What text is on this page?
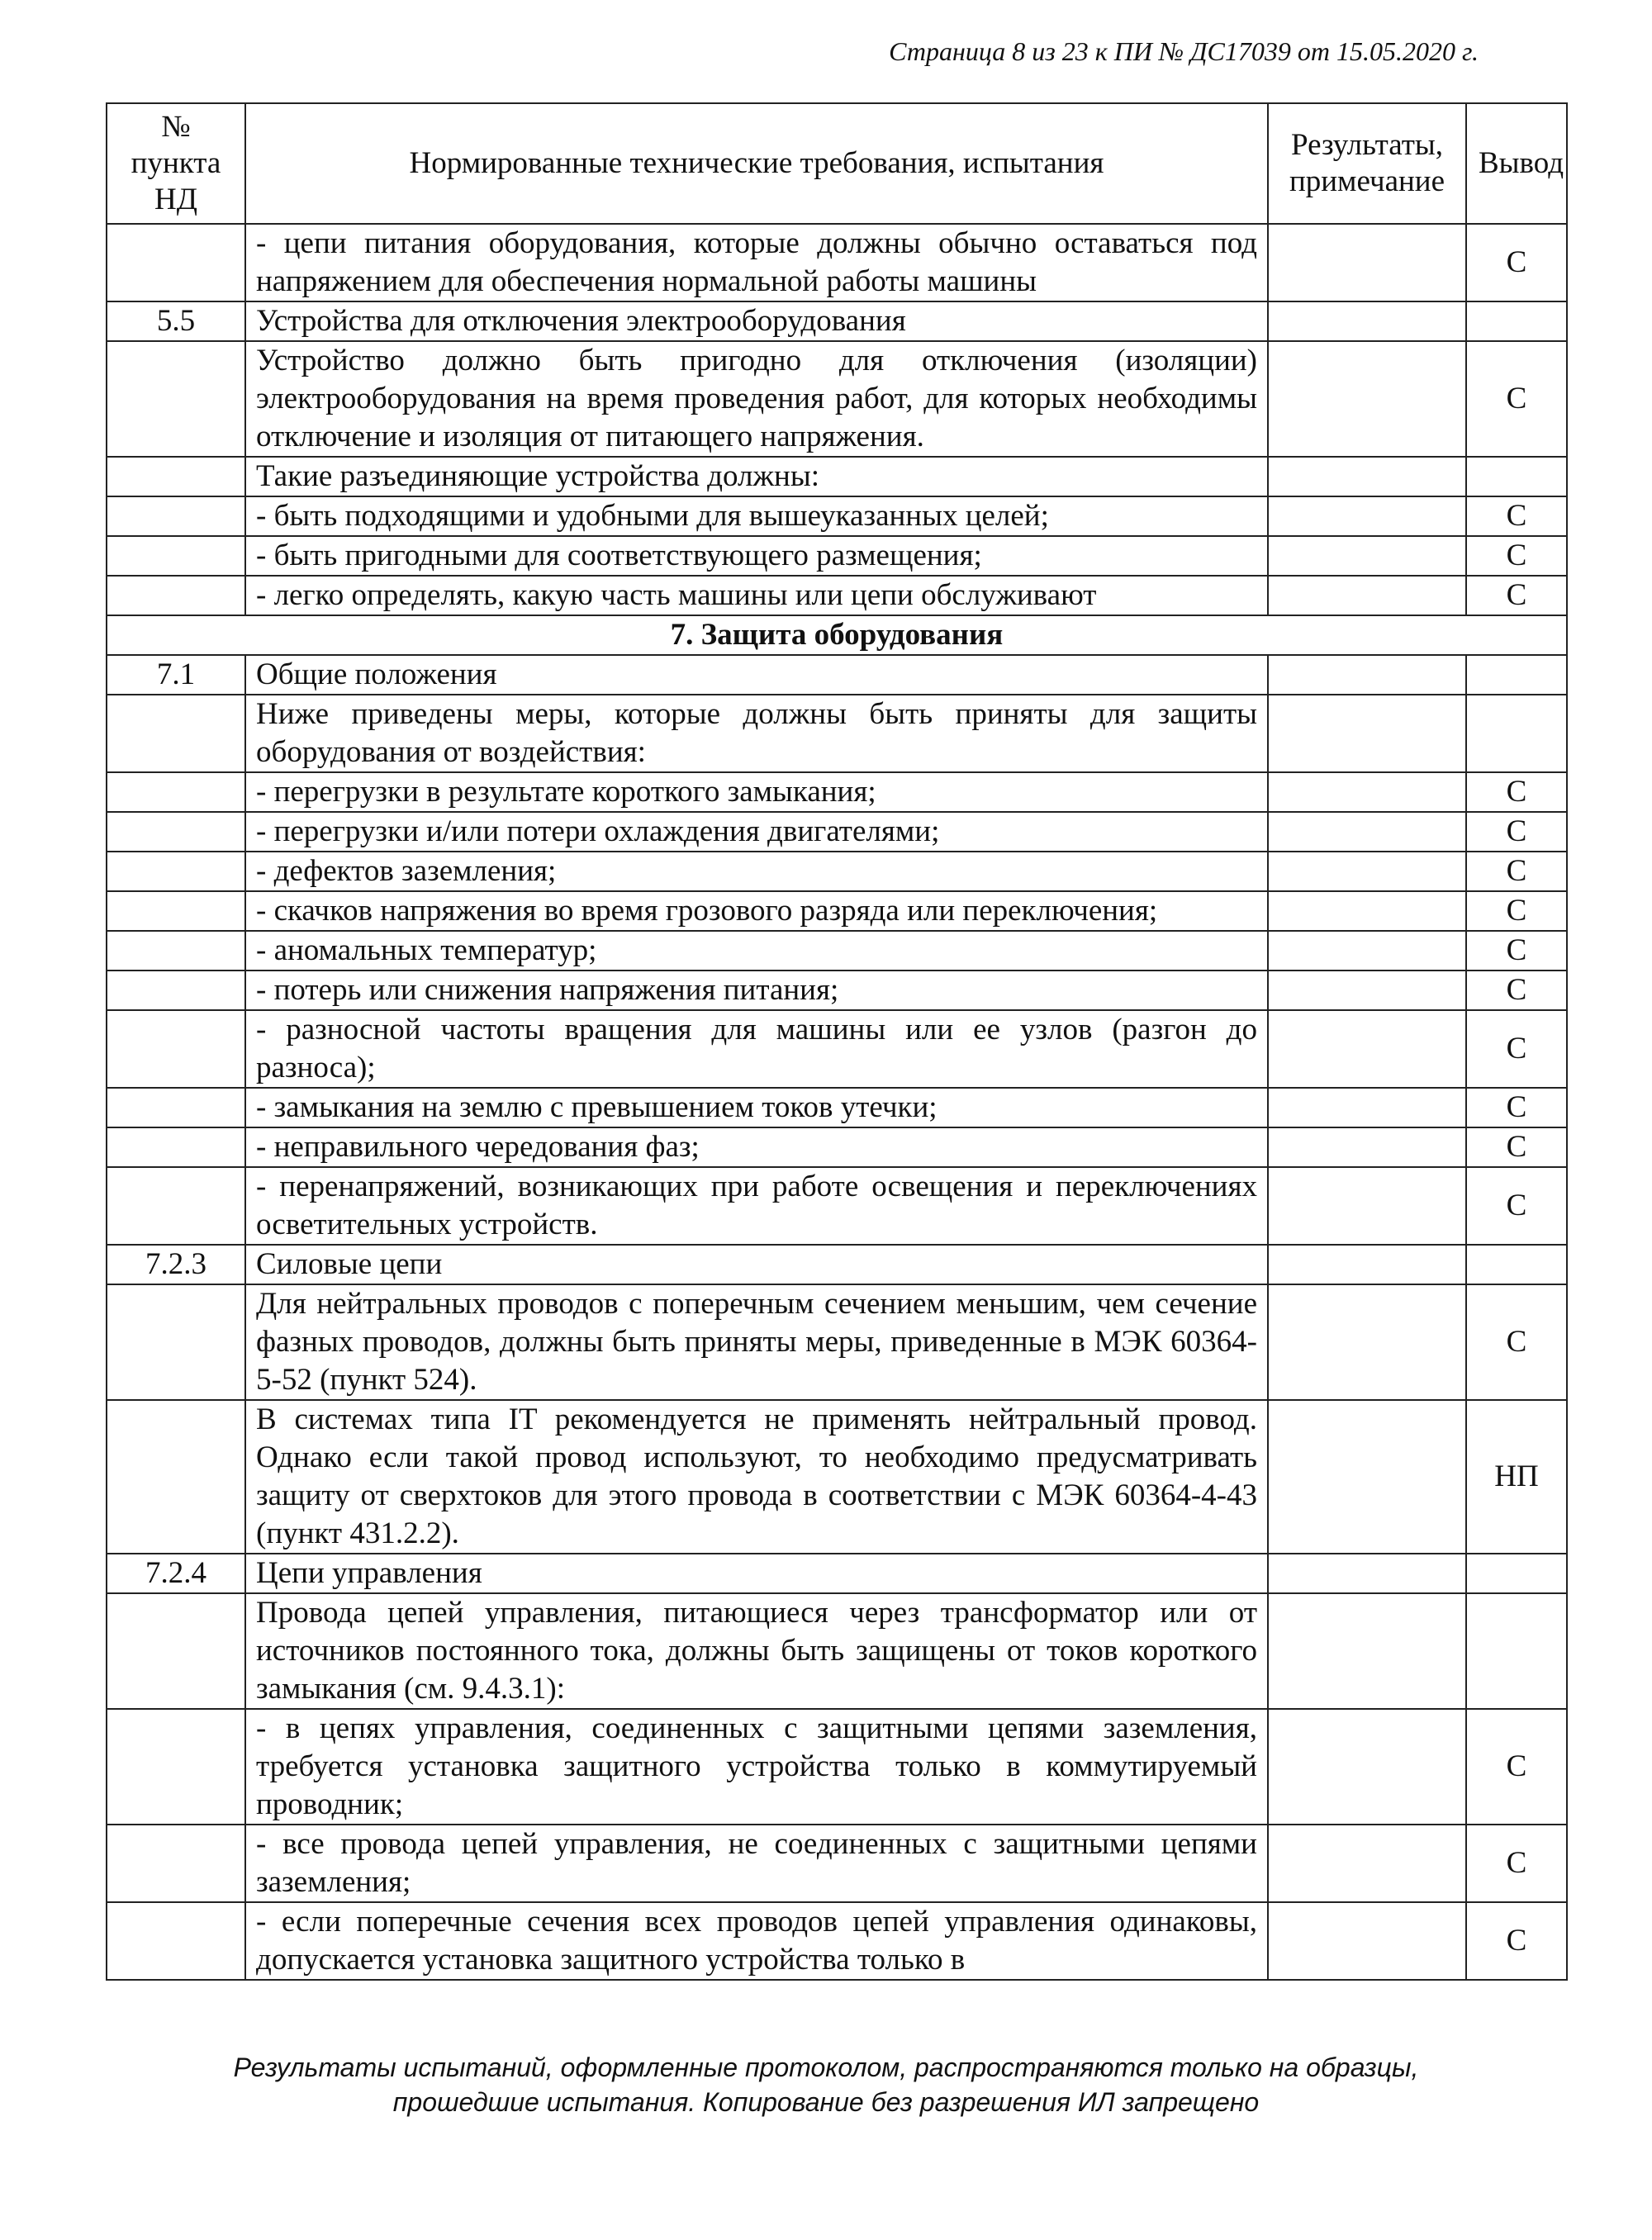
Страница 8 из 23 к ПИ № ДС17039 от 15.05.2020 г.
№ пункта НД	Нормированные технические требования, испытания	Результаты, примечание	Вывод
	- цепи питания оборудования, которые должны обычно оставаться под напряжением для обеспечения нормальной работы машины		С
5.5	Устройства для отключения электрооборудования		
	Устройство должно быть пригодно для отключения (изоляции) электрооборудования на время проведения работ, для которых необходимы отключение и изоляция от питающего напряжения.		С
	Такие разъединяющие устройства должны:		
	- быть подходящими и удобными для вышеуказанных целей;		С
	- быть пригодными для соответствующего размещения;		С
	- легко определять, какую часть машины или цепи обслуживают		С
7. Защита оборудования			
7.1	Общие положения		
	Ниже приведены меры, которые должны быть приняты для защиты оборудования от воздействия:		
	- перегрузки в результате короткого замыкания;		С
	- перегрузки и/или потери охлаждения двигателями;		С
	- дефектов заземления;		С
	- скачков напряжения во время грозового разряда или переключения;		С
	- аномальных температур;		С
	- потерь или снижения напряжения питания;		С
	- разносной частоты вращения для машины или ее узлов (разгон до разноса);		С
	- замыкания на землю с превышением токов утечки;		С
	- неправильного чередования фаз;		С
	- перенапряжений, возникающих при работе освещения и переключениях осветительных устройств.		С
7.2.3	Силовые цепи		
	Для нейтральных проводов с поперечным сечением меньшим, чем сечение фазных проводов, должны быть приняты меры, приведенные в МЭК 60364-5-52 (пункт 524).		С
	В системах типа IT рекомендуется не применять нейтральный провод. Однако если такой провод используют, то необходимо предусматривать защиту от сверхтоков для этого провода в соответствии с МЭК 60364-4-43 (пункт 431.2.2).		НП
7.2.4	Цепи управления		
	Провода цепей управления, питающиеся через трансформатор или от источников постоянного тока, должны быть защищены от токов короткого замыкания (см. 9.4.3.1):		
	- в цепях управления, соединенных с защитными цепями заземления, требуется установка защитного устройства только в коммутируемый проводник;		С
	- все провода цепей управления, не соединенных с защитными цепями заземления;		С
	- если поперечные сечения всех проводов цепей управления одинаковы, допускается установка защитного устройства только в		С
Результаты испытаний, оформленные протоколом, распространяются только на образцы,
прошедшие испытания. Копирование без разрешения ИЛ запрещено
